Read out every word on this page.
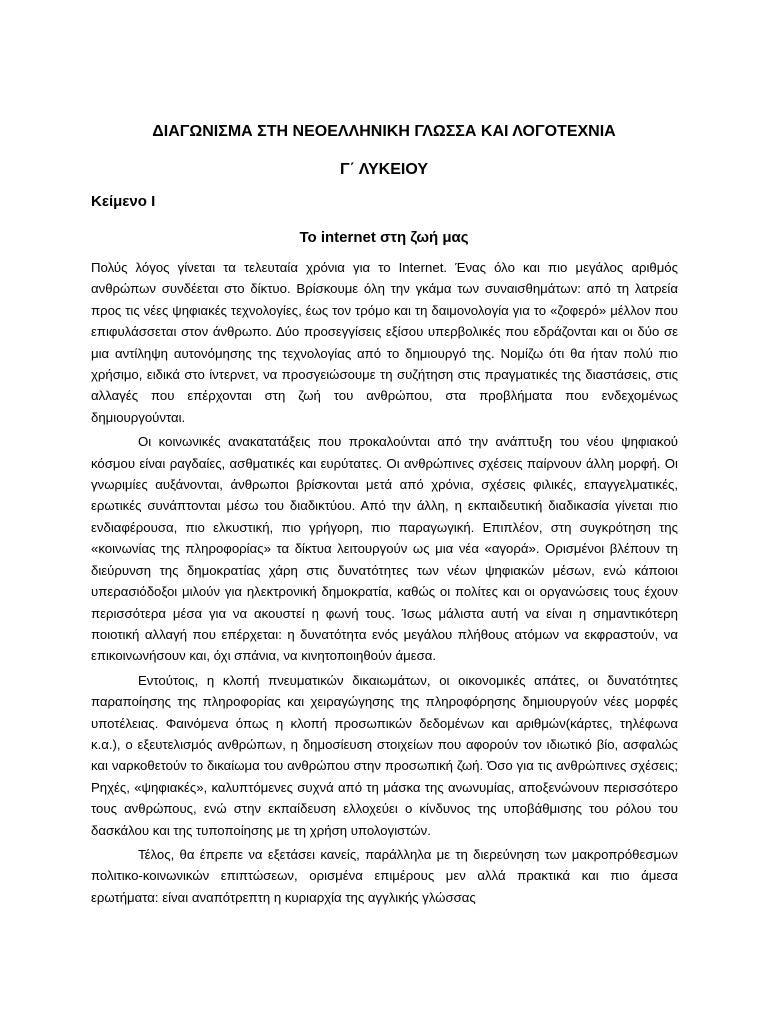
ΔΙΑΓΩΝΙΣΜΑ ΣΤΗ ΝΕΟΕΛΛΗΝΙΚΗ ΓΛΩΣΣΑ ΚΑΙ ΛΟΓΟΤΕΧΝΙΑ
Γ΄ ΛΥΚΕΙΟΥ
Κείμενο Ι
Το internet στη ζωή μας

Πολύς λόγος γίνεται τα τελευταία χρόνια για το Internet. Ένας όλο και πιο μεγάλος αριθμός ανθρώπων συνδέεται στο δίκτυο. Βρίσκουμε όλη την γκάμα των συναισθημάτων: από τη λατρεία προς τις νέες ψηφιακές τεχνολογίες, έως τον τρόμο και τη δαιμονολογία για το «ζοφερό» μέλλον που επιφυλάσσεται στον άνθρωπο. Δύο προσεγγίσεις εξίσου υπερβολικές που εδράζονται και οι δύο σε μια αντίληψη αυτονόμησης της τεχνολογίας από το δημιουργό της. Νομίζω ότι θα ήταν πολύ πιο χρήσιμο, ειδικά στο ίντερνετ, να προσγειώσουμε τη συζήτηση στις πραγματικές της διαστάσεις, στις αλλαγές που επέρχονται στη ζωή του ανθρώπου, στα προβλήματα που ενδεχομένως δημιουργούνται.

Οι κοινωνικές ανακατατάξεις που προκαλούνται από την ανάπτυξη του νέου ψηφιακού κόσμου είναι ραγδαίες, ασθματικές και ευρύτατες. Οι ανθρώπινες σχέσεις παίρνουν άλλη μορφή. Οι γνωριμίες αυξάνονται, άνθρωποι βρίσκονται μετά από χρόνια, σχέσεις φιλικές, επαγγελματικές, ερωτικές συνάπτονται μέσω του διαδικτύου. Από την άλλη, η εκπαιδευτική διαδικασία γίνεται πιο ενδιαφέρουσα, πιο ελκυστική, πιο γρήγορη, πιο παραγωγική. Επιπλέον, στη συγκρότηση της «κοινωνίας της πληροφορίας» τα δίκτυα λειτουργούν ως μια νέα «αγορά». Ορισμένοι βλέπουν τη διεύρυνση της δημοκρατίας χάρη στις δυνατότητες των νέων ψηφιακών μέσων, ενώ κάποιοι υπερασιόδοξοι μιλούν για ηλεκτρονική δημοκρατία, καθώς οι πολίτες και οι οργανώσεις τους έχουν περισσότερα μέσα για να ακουστεί η φωνή τους. Ίσως μάλιστα αυτή να είναι η σημαντικότερη ποιοτική αλλαγή που επέρχεται: η δυνατότητα ενός μεγάλου πλήθους ατόμων να εκφραστούν, να επικοινωνήσουν και, όχι σπάνια, να κινητοποιηθούν άμεσα.

Εντούτοις, η κλοπή πνευματικών δικαιωμάτων, οι οικονομικές απάτες, οι δυνατότητες παραποίησης της πληροφορίας και χειραγώγησης της πληροφόρησης δημιουργούν νέες μορφές υποτέλειας. Φαινόμενα όπως η κλοπή προσωπικών δεδομένων και αριθμών(κάρτες, τηλέφωνα κ.α.), ο εξευτελισμός ανθρώπων, η δημοσίευση στοιχείων που αφορούν τον ιδιωτικό βίο, ασφαλώς και ναρκοθετούν το δικαίωμα του ανθρώπου στην προσωπική ζωή. Όσο για τις ανθρώπινες σχέσεις; Ρηχές, «ψηφιακές», καλυπτόμενες συχνά από τη μάσκα της ανωνυμίας, αποξενώνουν περισσότερο τους ανθρώπους, ενώ στην εκπαίδευση ελλοχεύει ο κίνδυνος της υποβάθμισης του ρόλου του δασκάλου και της τυποποίησης με τη χρήση υπολογιστών.

Τέλος, θα έπρεπε να εξετάσει κανείς, παράλληλα με τη διερεύνηση των μακροπρόθεσμων πολιτικο-κοινωνικών επιπτώσεων, ορισμένα επιμέρους μεν αλλά πρακτικά και πιο άμεσα ερωτήματα: είναι αναπότρεπτη η κυριαρχία της αγγλικής γλώσσας
